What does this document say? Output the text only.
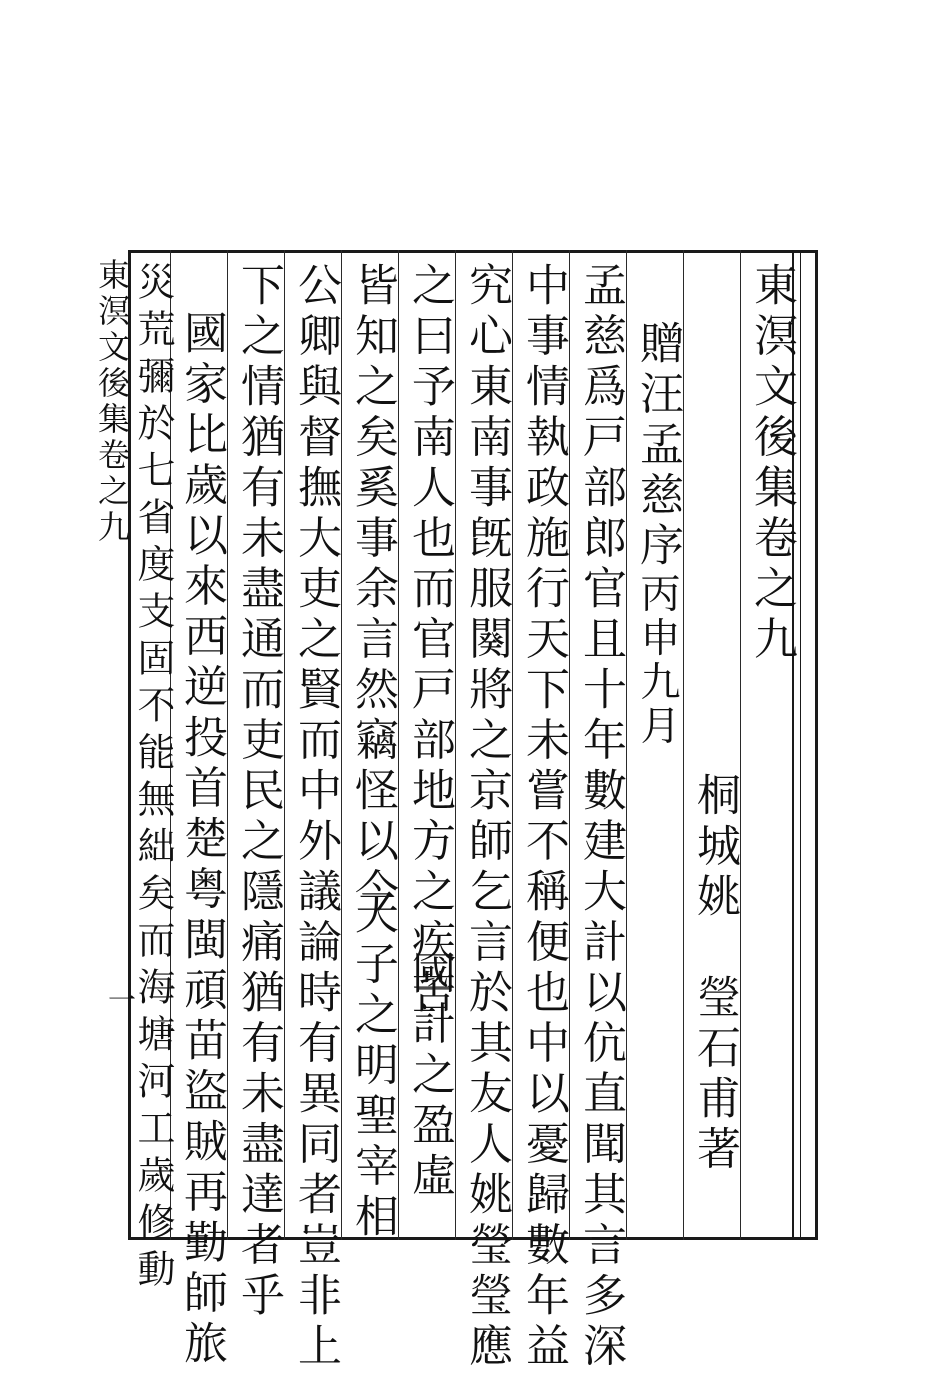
東溟文後集卷之九
一
東溟文後集卷之九
桐城姚　瑩石甫著
贈汪孟慈序丙申九月
孟慈爲戸部郎官且十年數建大計以伉直聞其言多深
中事情執政施行天下未嘗不稱便也中以憂歸數年益
究心東南事旣服闋將之京師乞言於其友人姚瑩瑩應
之曰予南人也而官戸部地方之疾苦
國計之盈虛
皆知之矣奚事余言然竊怪以今
天子之明聖宰相
公卿與督撫大吏之賢而中外議論時有異同者豈非上
下之情猶有未盡通而吏民之隱痛猶有未盡達者乎
國家比歲以來西逆投首楚粤閩頑苗盜賊再勤師旅
災荒彌於七省度支固不能無絀矣而海塘河工歲修動
